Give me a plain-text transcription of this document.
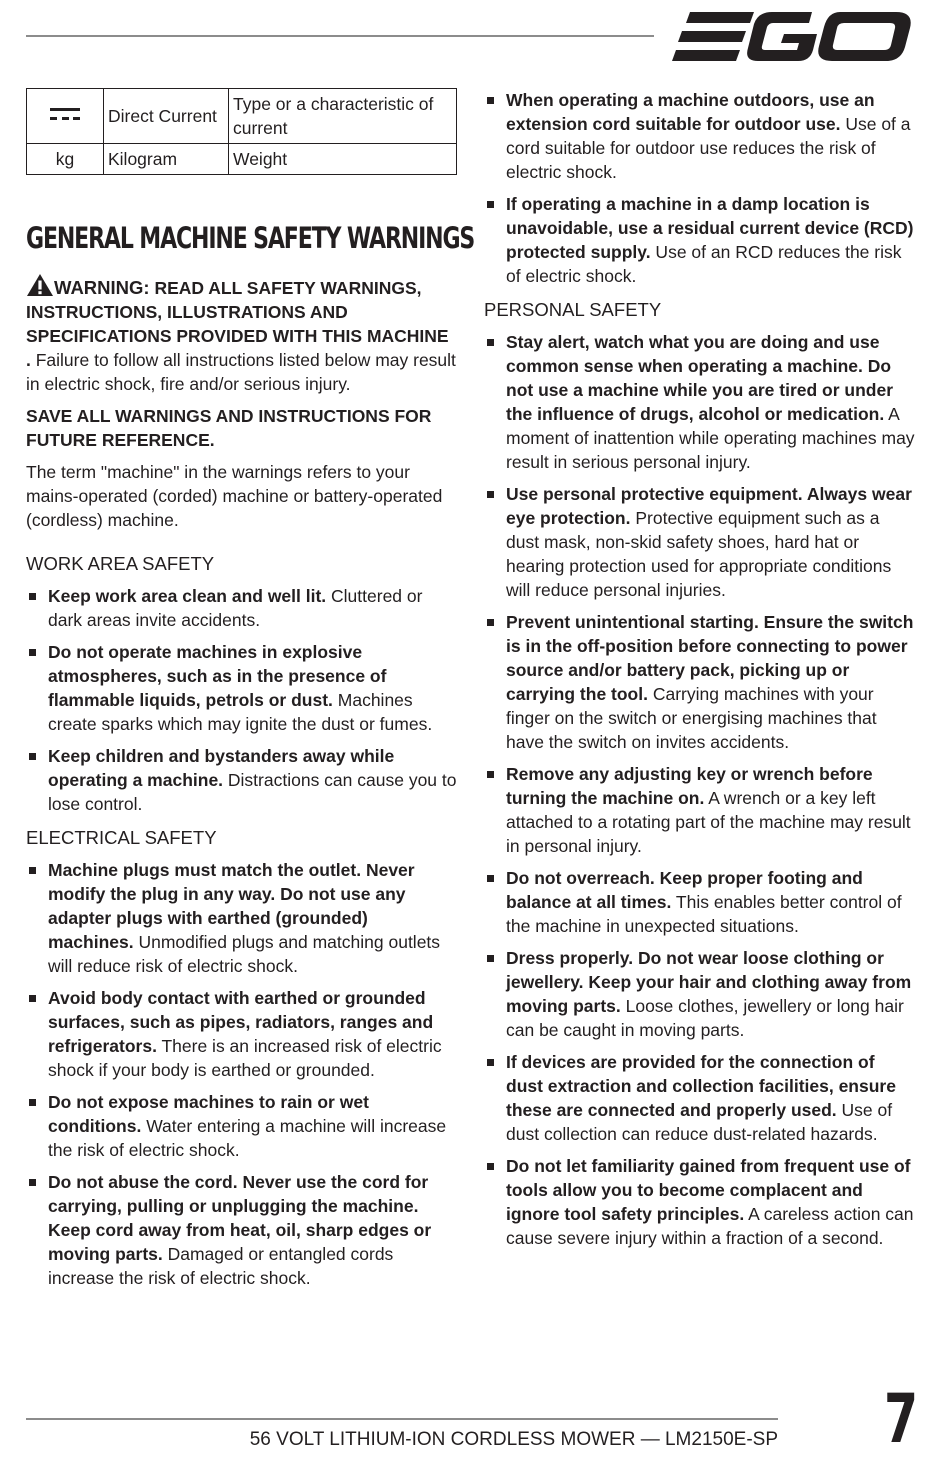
	Direct Current	Type or a characteristic of current
kg	Kilogram	Weight
GENERAL MACHINE SAFETY WARNINGS

WARNING: READ ALL SAFETY WARNINGS, INSTRUCTIONS, ILLUSTRATIONS AND SPECIFICATIONS PROVIDED WITH THIS MACHINE . Failure to follow all instructions listed below may result in electric shock, fire and/or serious injury.

SAVE ALL WARNINGS AND INSTRUCTIONS FOR FUTURE REFERENCE.

The term "machine" in the warnings refers to your mains-operated (corded) machine or battery-operated (cordless) machine.

WORK AREA SAFETY
Keep work area clean and well lit. Cluttered or dark areas invite accidents.
Do not operate machines in explosive atmospheres, such as in the presence of flammable liquids, petrols or dust. Machines create sparks which may ignite the dust or fumes.
Keep children and bystanders away while operating a machine. Distractions can cause you to lose control.
ELECTRICAL SAFETY
Machine plugs must match the outlet. Never modify the plug in any way. Do not use any adapter plugs with earthed (grounded) machines. Unmodified plugs and matching outlets will reduce risk of electric shock.
Avoid body contact with earthed or grounded surfaces, such as pipes, radiators, ranges and refrigerators. There is an increased risk of electric shock if your body is earthed or grounded.
Do not expose machines to rain or wet conditions. Water entering a machine will increase the risk of electric shock.
Do not abuse the cord. Never use the cord for carrying, pulling or unplugging the machine. Keep cord away from heat, oil, sharp edges or moving parts. Damaged or entangled cords increase the risk of electric shock.
When operating a machine outdoors, use an extension cord suitable for outdoor use. Use of a cord suitable for outdoor use reduces the risk of electric shock.
If operating a machine in a damp location is unavoidable, use a residual current device (RCD) protected supply. Use of an RCD reduces the risk of electric shock.
PERSONAL SAFETY
Stay alert, watch what you are doing and use common sense when operating a machine. Do not use a machine while you are tired or under the influence of drugs, alcohol or medication. A moment of inattention while operating machines may result in serious personal injury.
Use personal protective equipment. Always wear eye protection. Protective equipment such as a dust mask, non-skid safety shoes, hard hat or hearing protection used for appropriate conditions will reduce personal injuries.
Prevent unintentional starting. Ensure the switch is in the off-position before connecting to power source and/or battery pack, picking up or carrying the tool. Carrying machines with your finger on the switch or energising machines that have the switch on invites accidents.
Remove any adjusting key or wrench before turning the machine on. A wrench or a key left attached to a rotating part of the machine may result in personal injury.
Do not overreach. Keep proper footing and balance at all times. This enables better control of the machine in unexpected situations.
Dress properly. Do not wear loose clothing or jewellery. Keep your hair and clothing away from moving parts. Loose clothes, jewellery or long hair can be caught in moving parts.
If devices are provided for the connection of dust extraction and collection facilities, ensure these are connected and properly used. Use of dust collection can reduce dust-related hazards.
Do not let familiarity gained from frequent use of tools allow you to become complacent and ignore tool safety principles. A careless action can cause severe injury within a fraction of a second.
56 VOLT LITHIUM-ION CORDLESS MOWER — LM2150E-SP 7
